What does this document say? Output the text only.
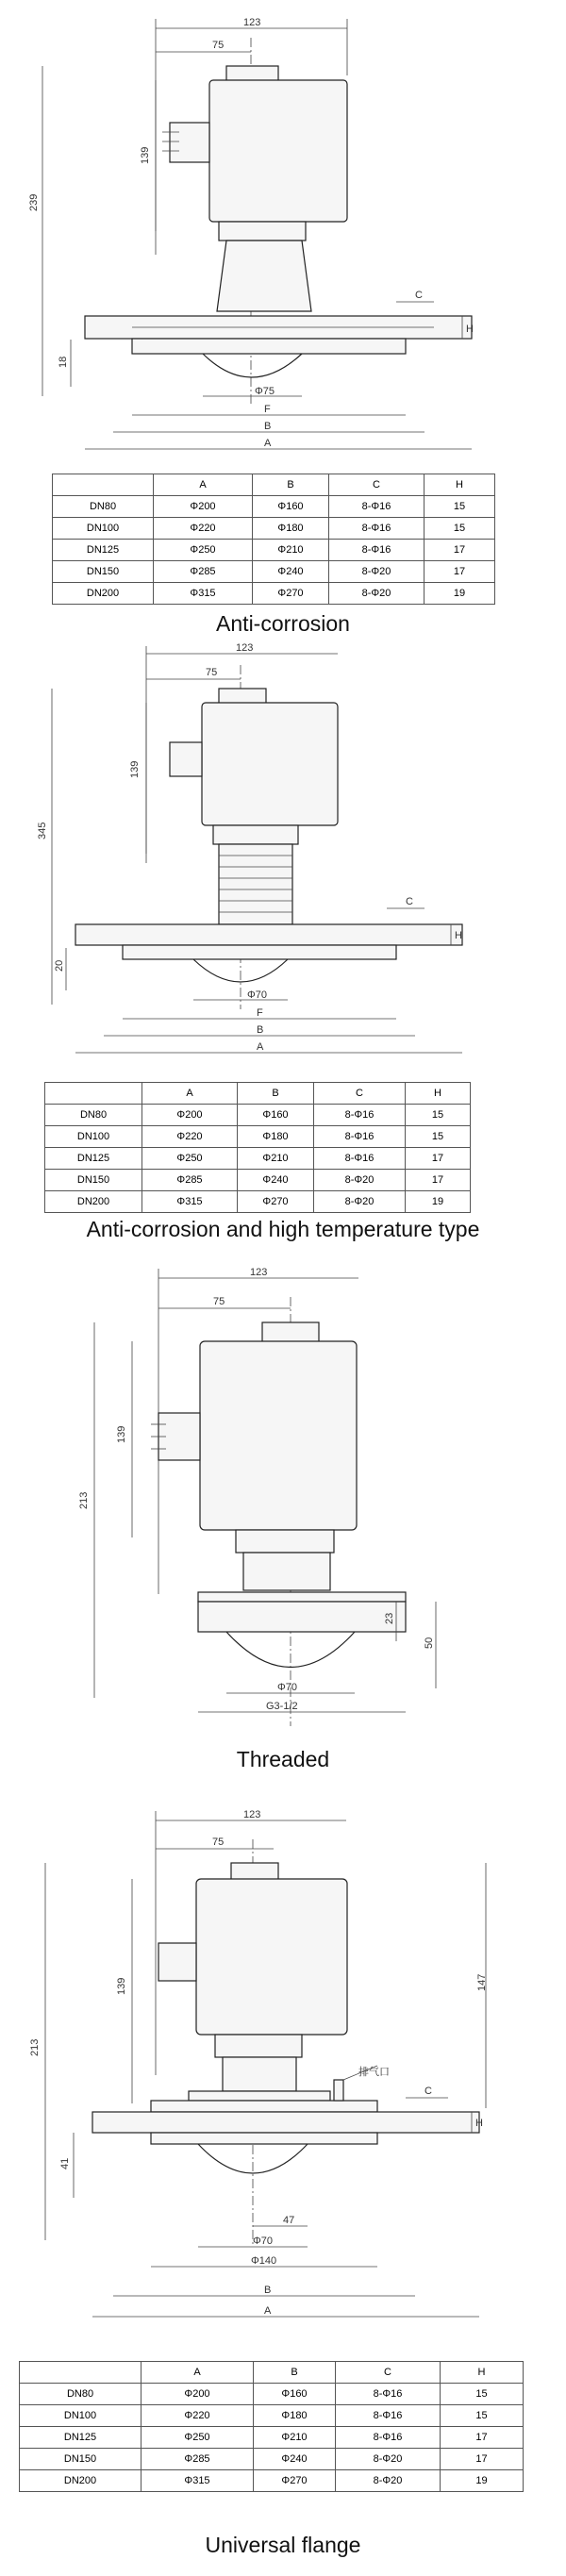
123
75
139
239
C
H
18
Φ75
F
B
A
	A	B	C	H
DN80	Φ200	Φ160	8-Φ16	15
DN100	Φ220	Φ180	8-Φ16	15
DN125	Φ250	Φ210	8-Φ16	17
DN150	Φ285	Φ240	8-Φ20	17
DN200	Φ315	Φ270	8-Φ20	19
Anti-corrosion
123
75
139
345
C
H
20
Φ70
F
B
A
	A	B	C	H
DN80	Φ200	Φ160	8-Φ16	15
DN100	Φ220	Φ180	8-Φ16	15
DN125	Φ250	Φ210	8-Φ16	17
DN150	Φ285	Φ240	8-Φ20	17
DN200	Φ315	Φ270	8-Φ20	19
Anti-corrosion and high temperature type
123
75
139
213
23
50
Φ70
G3-1/2
Threaded
123
75
排气口
139
213
147
C
H
41
47
Φ70
Φ140
B
A
	A	B	C	H
DN80	Φ200	Φ160	8-Φ16	15
DN100	Φ220	Φ180	8-Φ16	15
DN125	Φ250	Φ210	8-Φ16	17
DN150	Φ285	Φ240	8-Φ20	17
DN200	Φ315	Φ270	8-Φ20	19
Universal flange
